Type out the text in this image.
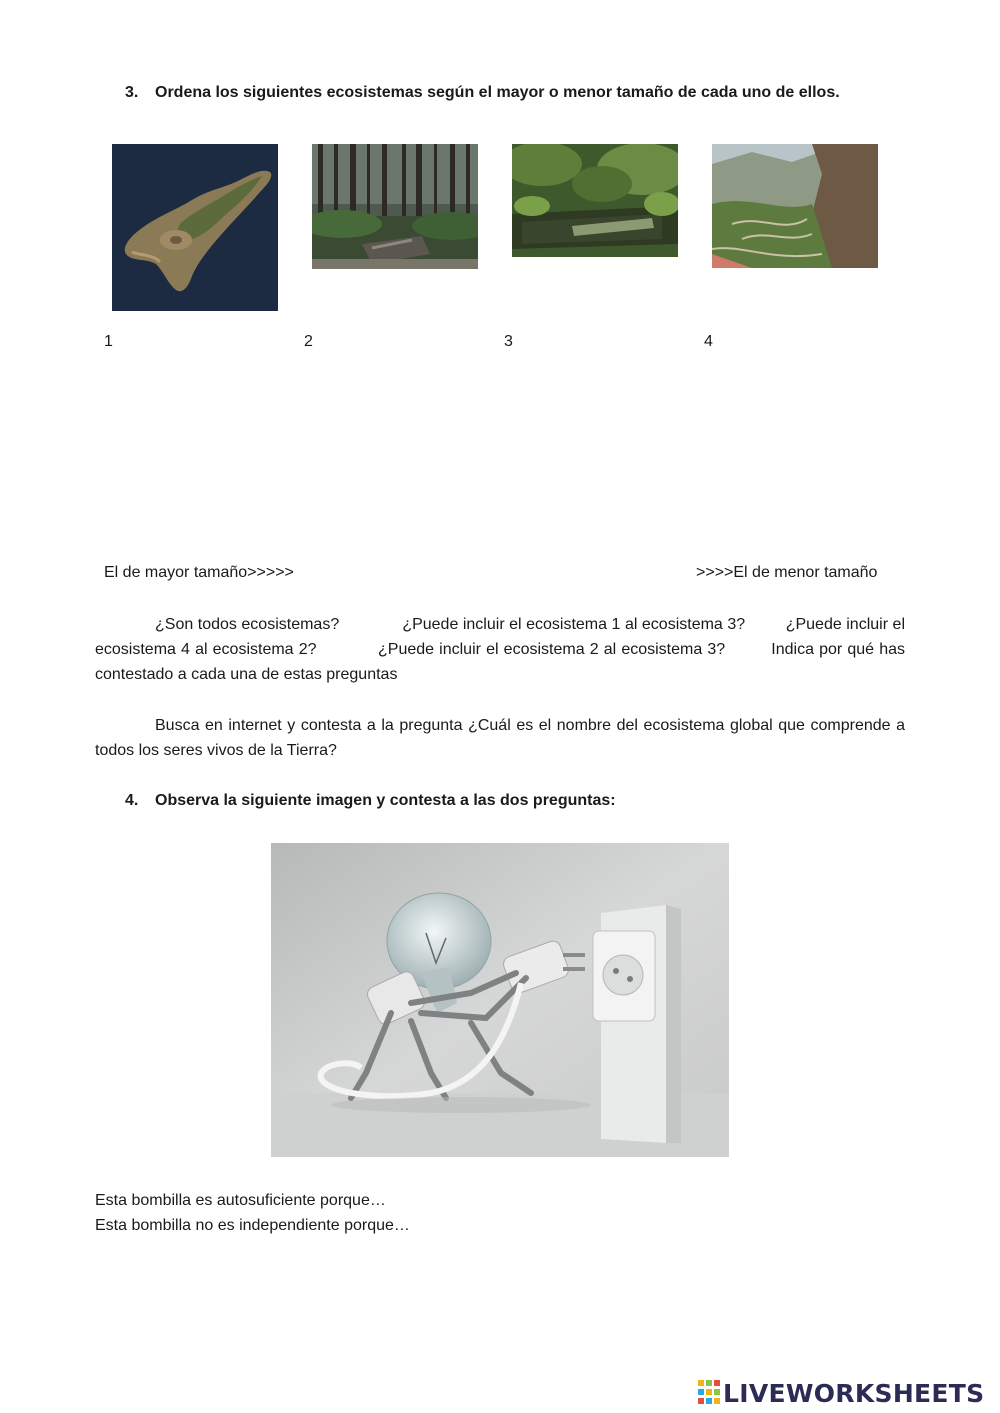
3. Ordena los siguientes ecosistemas según el mayor o menor tamaño de cada uno de ellos.
1	2	3	4
El de mayor tamaño>>>>>	>>>>El de menor tamaño
¿Son todos ecosistemas?              ¿Puede incluir el ecosistema 1 al ecosistema 3?         ¿Puede incluir el ecosistema 4 al ecosistema 2?            ¿Puede incluir el ecosistema 2 al ecosistema 3?         Indica por qué has contestado a cada una de estas preguntas
Busca en internet y contesta a la pregunta ¿Cuál es el nombre del ecosistema global que comprende a todos los seres vivos de la Tierra?
4. Observa la siguiente imagen y contesta a las dos preguntas:
Esta bombilla es autosuficiente porque…
Esta bombilla no es independiente porque…
LIVEWORKSHEETS
